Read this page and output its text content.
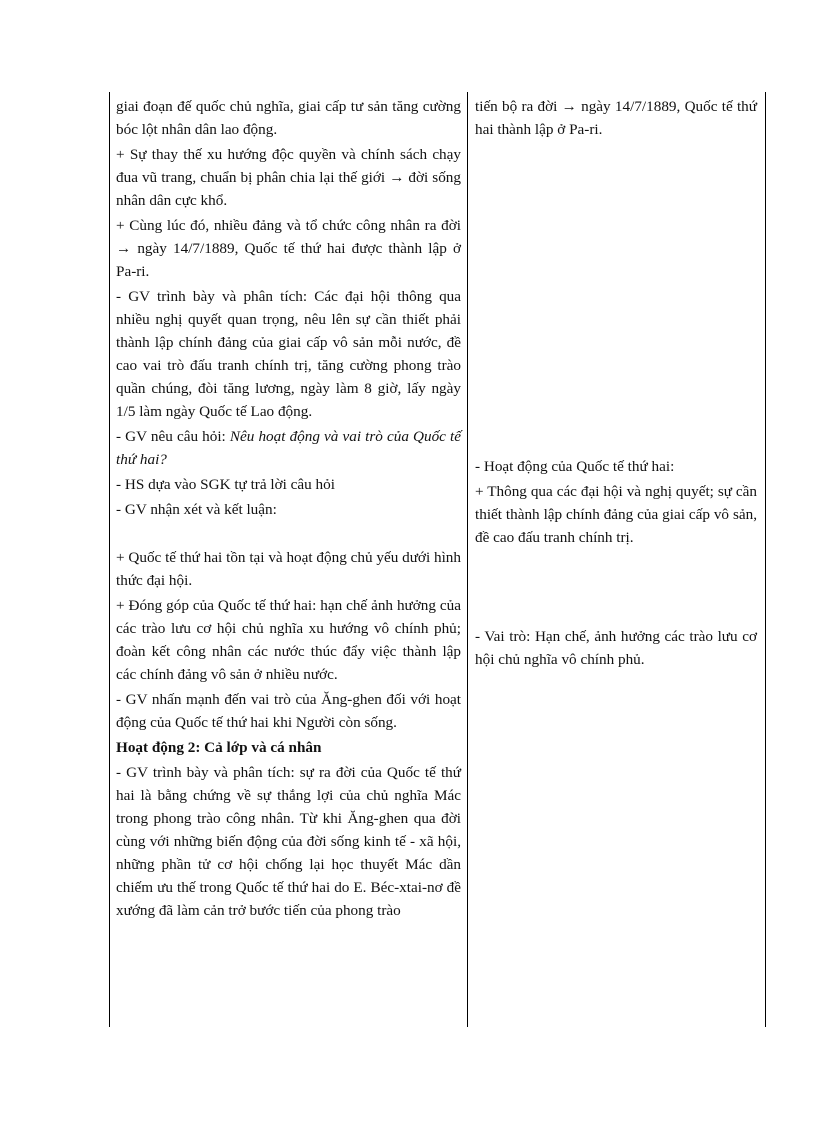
giai đoạn đế quốc chủ nghĩa, giai cấp tư sản tăng cường bóc lột nhân dân lao động.

+ Sự thay thế xu hướng độc quyền và chính sách chạy đua vũ trang, chuẩn bị phân chia lại thế giới → đời sống nhân dân cực khổ.

+ Cùng lúc đó, nhiều đảng và tổ chức công nhân ra đời → ngày 14/7/1889, Quốc tế thứ hai được thành lập ở Pa-ri.

- GV trình bày và phân tích: Các đại hội thông qua nhiều nghị quyết quan trọng, nêu lên sự cần thiết phải thành lập chính đảng của giai cấp vô sản mỗi nước, đề cao vai trò đấu tranh chính trị, tăng cường phong trào quần chúng, đòi tăng lương, ngày làm 8 giờ, lấy ngày 1/5 làm ngày Quốc tế Lao động.

- GV nêu câu hỏi: Nêu hoạt động và vai trò của Quốc tế thứ hai?

- HS dựa vào SGK tự trả lời câu hỏi

- GV nhận xét và kết luận:

+ Quốc tế thứ hai tồn tại và hoạt động chủ yếu dưới hình thức đại hội.

+ Đóng góp của Quốc tế thứ hai: hạn chế ảnh hưởng của các trào lưu cơ hội chủ nghĩa xu hướng vô chính phủ; đoàn kết công nhân các nước thúc đẩy việc thành lập các chính đảng vô sản ở nhiều nước.

- GV nhấn mạnh đến vai trò của Ăng-ghen đối với hoạt động của Quốc tế thứ hai khi Người còn sống.

Hoạt động 2: Cả lớp và cá nhân

- GV trình bày và phân tích: sự ra đời của Quốc tế thứ hai là bằng chứng về sự thắng lợi của chủ nghĩa Mác trong phong trào công nhân. Từ khi Ăng-ghen qua đời cùng với những biến động của đời sống kinh tế - xã hội, những phần tử cơ hội chống lại học thuyết Mác dần chiếm ưu thế trong Quốc tế thứ hai do E. Béc-xtai-nơ đề xướng đã làm cản trở bước tiến của phong trào

tiến bộ ra đời → ngày 14/7/1889, Quốc tế thứ hai thành lập ở Pa-ri.

- Hoạt động của Quốc tế thứ hai:

+ Thông qua các đại hội và nghị quyết; sự cần thiết thành lập chính đảng của giai cấp vô sản, đề cao đấu tranh chính trị.

- Vai trò: Hạn chế, ảnh hưởng các trào lưu cơ hội chủ nghĩa vô chính phủ.
